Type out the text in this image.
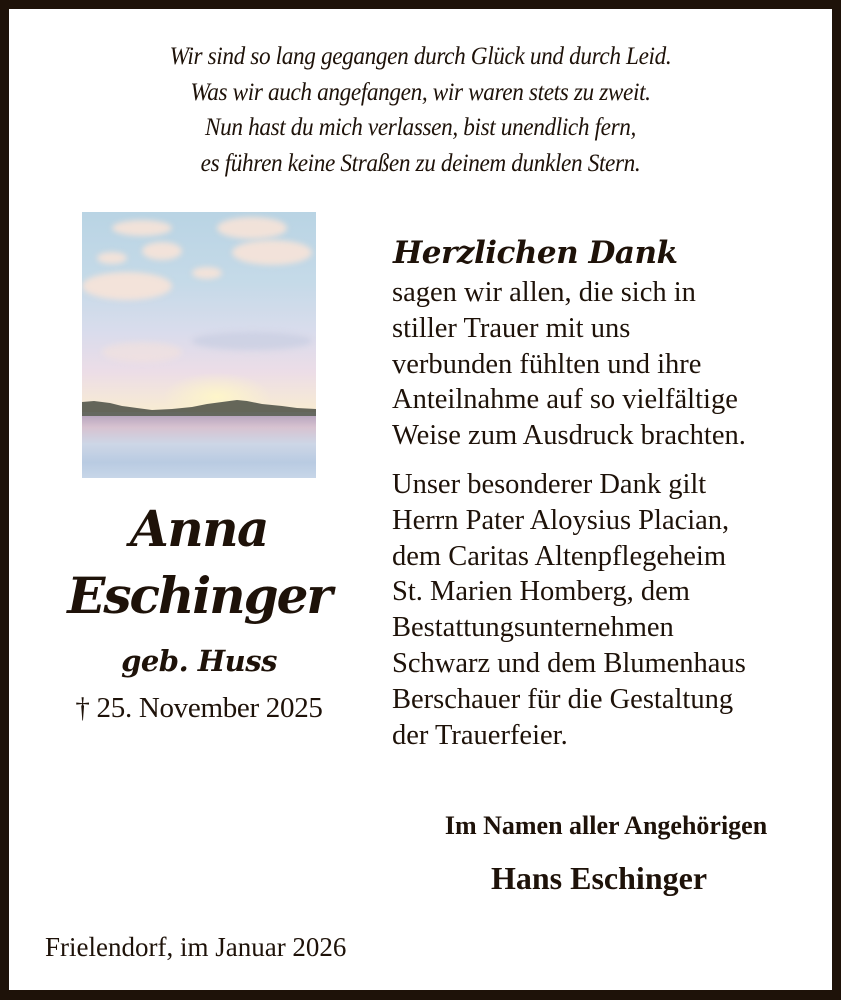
Wir sind so lang gegangen durch Glück und durch Leid.
Was wir auch angefangen, wir waren stets zu zweit.
Nun hast du mich verlassen, bist unendlich fern,
es führen keine Straßen zu deinem dunklen Stern.
Anna
Eschinger
geb. Huss
† 25. November 2025
Herzlichen Dank
sagen wir allen, die sich in
stiller Trauer mit uns
verbunden fühlten und ihre
Anteilnahme auf so vielfältige
Weise zum Ausdruck brachten.
Unser besonderer Dank gilt
Herrn Pater Aloysius Placian,
dem Caritas Altenpflegeheim
St. Marien Homberg, dem
Bestattungsunternehmen
Schwarz und dem Blumenhaus
Berschauer für die Gestaltung
der Trauerfeier.
Im Namen aller Angehörigen
Hans Eschinger
Frielendorf, im Januar 2026
